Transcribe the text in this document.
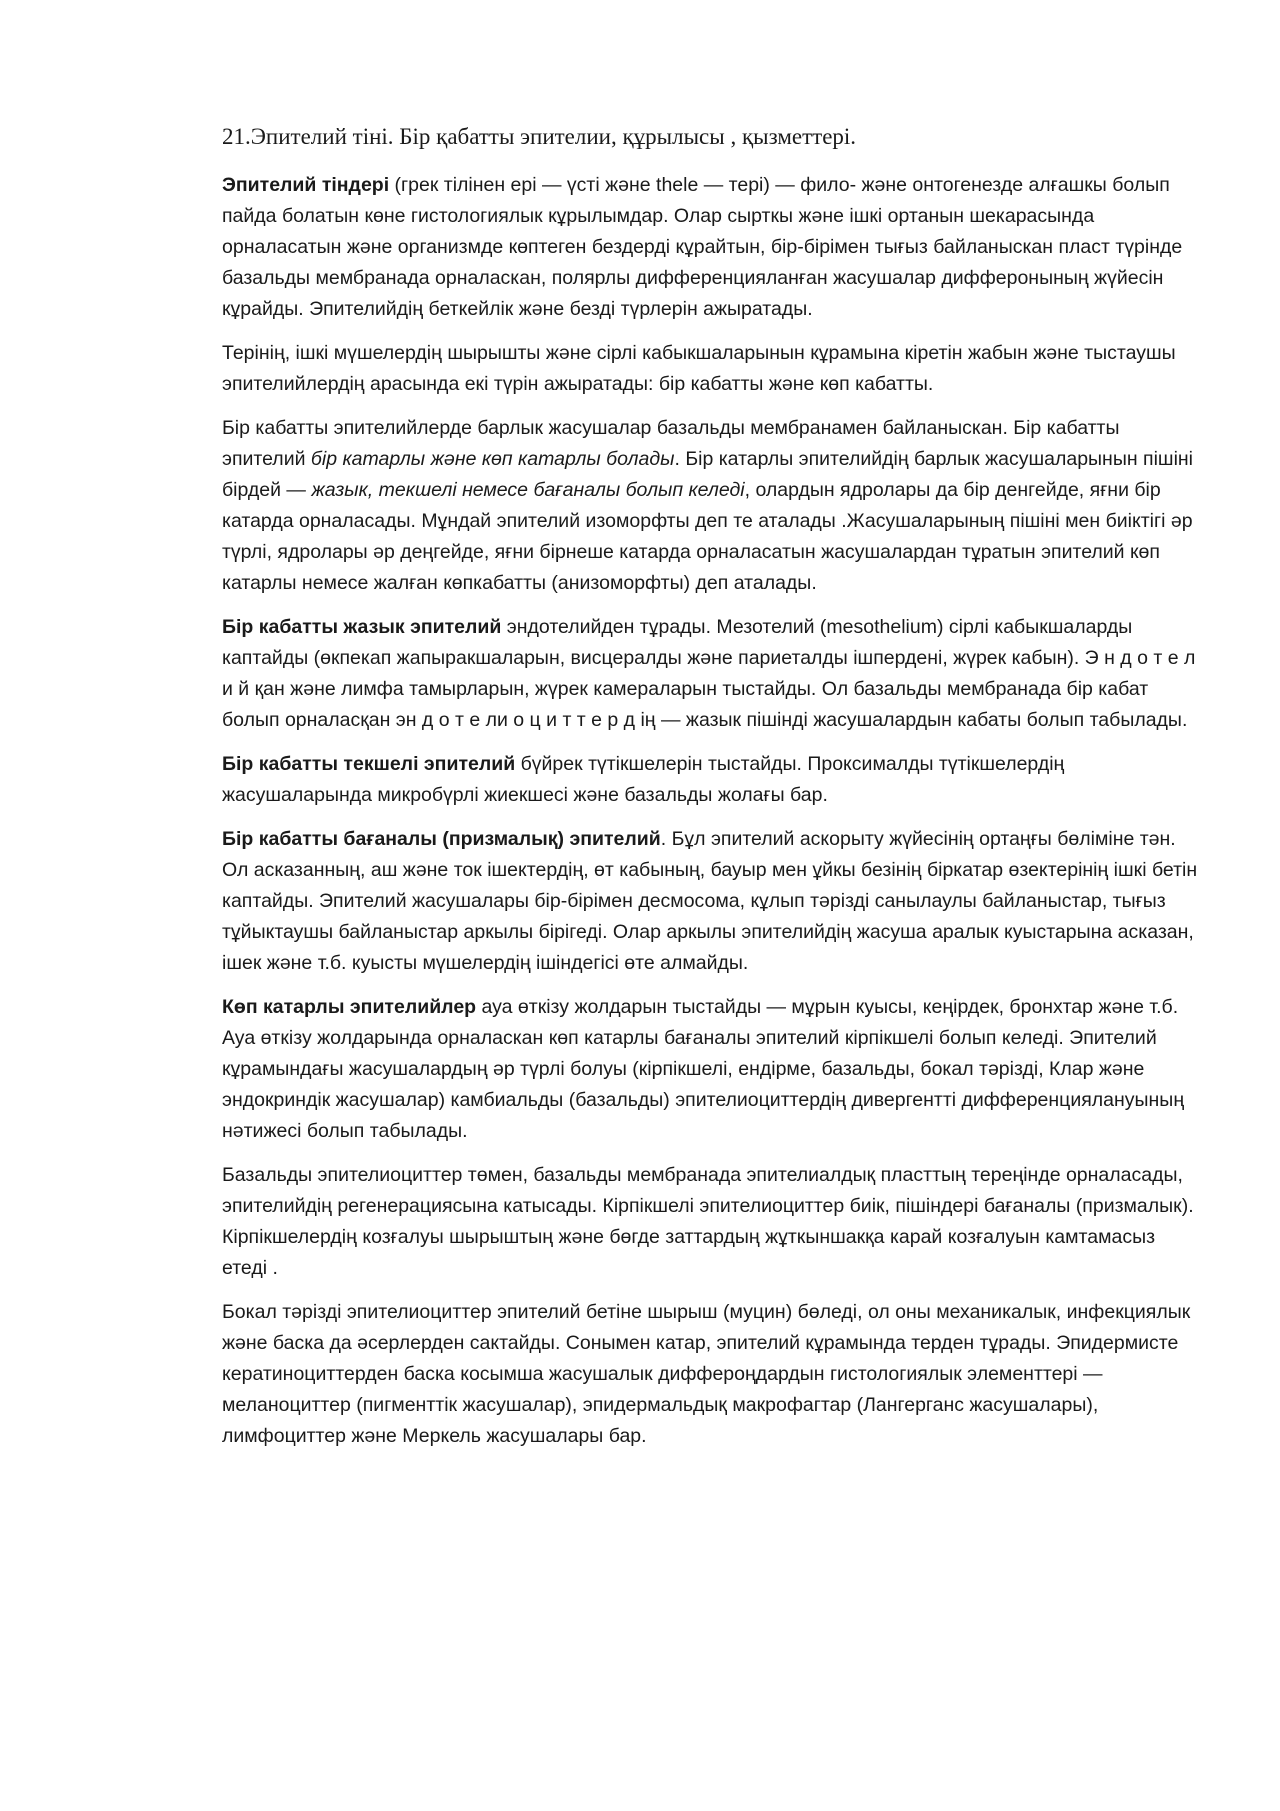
21.Эпителий тіні. Бір қабатты эпителии, құрылысы , қызметтері.

Эпителий тіндері (грек тілінен ері — үсті және thele — тері) — фило- және онтогенезде алғашкы болып пайда болатын көне гистологиялык кұрылымдар. Олар сырткы және ішкі ортанын шекарасында орналасатын және организмде көптеген бездерді кұрайтын, бір-бірімен тығыз байланыскан пласт түрінде базальды мембранада орналаскан, полярлы дифференцияланған жасушалар дифферонының жүйесін кұрайды. Эпителийдің беткейлік және безді түрлерін ажыратады.

Терінің, ішкі мүшелердің шырышты және сірлі кабыкшаларынын кұрамына кіретін жабын және тыстаушы эпителийлердің арасында екі түрін ажыратады: бір кабатты және көп кабатты.

Бір кабатты эпителийлерде барлык жасушалар базальды мембранамен байланыскан. Бір кабатты эпителий бір катарлы және көп катарлы болады. Бір катарлы эпителийдің барлык жасушаларынын пішіні бірдей — жазык, текшелі немесе бағаналы болып келеді, олардын ядролары да бір денгейде, яғни бір катарда орналасады. Мұндай эпителий изоморфты деп те аталады .Жасушаларының пішіні мен биіктігі әр түрлі, ядролары әр деңгейде, яғни бірнеше катарда орналасатын жасушалардан тұратын эпителий көп катарлы немесе жалған көпкабатты (анизоморфты) деп аталады.

Бір кабатты жазык эпителий эндотелийден тұрады. Мезотелий (mesothelium) сірлі кабыкшаларды каптайды (өкпекап жапыракшаларын, висцералды және париеталды ішпердені, жүрек кабын). Э н д о т е л и й қан және лимфа тамырларын, жүрек камераларын тыстайды. Ол базальды мембранада бір кабат болып орналасқан эн д о т е ли о ц и т т е р д ің — жазык пішінді жасушалардын кабаты болып табылады.

Бір кабатты текшелі эпителий бүйрек түтікшелерін тыстайды. Проксималды түтікшелердің жасушаларында микробүрлі жиекшесі және базальды жолағы бар.

Бір кабатты бағаналы (призмалық) эпителий. Бұл эпителий аскорыту жүйесінің ортаңғы бөліміне тән. Ол асказанның, аш және ток ішектердің, өт кабының, бауыр мен ұйкы безінің біркатар өзектерінің ішкі бетін каптайды. Эпителий жасушалары бір-бірімен десмосома, кұлып тәрізді санылаулы байланыстар, тығыз тұйыктаушы байланыстар аркылы бірігеді. Олар аркылы эпителийдің жасуша аралык куыстарына асказан, ішек және т.б. куысты мүшелердің ішіндегісі өте алмайды.

Көп катарлы эпителийлер ауа өткізу жолдарын тыстайды — мұрын куысы, кеңірдек, бронхтар және т.б. Ауа өткізу жолдарында орналаскан көп катарлы бағаналы эпителий кірпікшелі болып келеді. Эпителий кұрамындағы жасушалардың әр түрлі болуы (кірпікшелі, ендірме, базальды, бокал тәрізді, Клар және эндокриндік жасушалар) камбиальды (базальды) эпителиоциттердің дивергентті дифференциялануының нәтижесі болып табылады.

Базальды эпителиоциттер төмен, базальды мембранада эпителиалдық пласттың тереңінде орналасады, эпителийдің регенерациясына катысады. Кірпікшелі эпителиоциттер биік, пішіндері бағаналы (призмалык). Кірпікшелердің козғалуы шырыштың және бөгде заттардың жұткыншакқа карай козғалуын камтамасыз етеді .

Бокал тәрізді эпителиоциттер эпителий бетіне шырыш (муцин) бөледі, ол оны механикалык, инфекциялык және баска да әсерлерден сактайды. Сонымен катар, эпителий кұрамында терден тұрады. Эпидермисте кератиноциттерден баска косымша жасушалык диффероңдардын гистологиялык элементтері — меланоциттер (пигменттік жасушалар), эпидермальдық макрофагтар (Лангерганс жасушалары), лимфоциттер және Меркель жасушалары бар.
